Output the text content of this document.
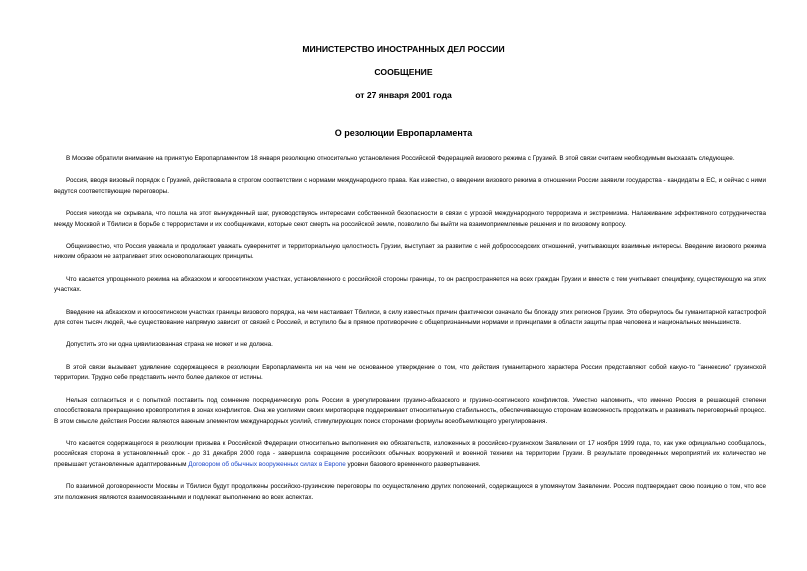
МИНИСТЕРСТВО ИНОСТРАННЫХ ДЕЛ РОССИИ
СООБЩЕНИЕ
от 27 января 2001 года
О резолюции Европарламента

В Москве обратили внимание на принятую Европарламентом 18 января резолюцию относительно установления Российской Федерацией визового режима с Грузией. В этой связи считаем необходимым высказать следующее.

Россия, вводя визовый порядок с Грузией, действовала в строгом соответствии с нормами международного права. Как известно, о введении визового режима в отношении России заявили государства - кандидаты в ЕС, и сейчас с ними ведутся соответствующие переговоры.

Россия никогда не скрывала, что пошла на этот вынужденный шаг, руководствуясь интересами собственной безопасности в связи с угрозой международного терроризма и экстремизма. Налаживание эффективного сотрудничества между Москвой и Тбилиси в борьбе с террористами и их сообщниками, которые сеют смерть на российской земле, позволило бы выйти на взаимоприемлемые решения и по визовому вопросу.

Общеизвестно, что Россия уважала и продолжает уважать суверенитет и территориальную целостность Грузии, выступает за развитие с ней добрососедских отношений, учитывающих взаимные интересы. Введение визового режима никоим образом не затрагивает этих основополагающих принципы.

Что касается упрощенного режима на абхазском и югоосетинском участках, установленного с российской стороны границы, то он распространяется на всех граждан Грузии и вместе с тем учитывает специфику, существующую на этих участках.

Введение на абхазском и югоосетинском участках границы визового порядка, на чем настаивает Тбилиси, в силу известных причин фактически означало бы блокаду этих регионов Грузии. Это обернулось бы гуманитарной катастрофой для сотен тысяч людей, чье существование напрямую зависит от связей с Россией, и вступило бы в прямое противоречие с общепризнанными нормами и принципами в области защиты прав человека и национальных меньшинств.

Допустить это ни одна цивилизованная страна не может и не должна.

В этой связи вызывает удивление содержащееся в резолюции Европарламента ни на чем не основанное утверждение о том, что действия гуманитарного характера России представляют собой какую-то "аннексию" грузинской территории. Трудно себе представить нечто более далекое от истины.

Нельзя согласиться и с попыткой поставить под сомнение посредническую роль России в урегулировании грузино-абхазского и грузино-осетинского конфликтов. Уместно напомнить, что именно Россия в решающей степени способствовала прекращению кровопролития в зонах конфликтов. Она же усилиями своих миротворцев поддерживает относительную стабильность, обеспечивающую сторонам возможность продолжать и развивать переговорный процесс. В этом смысле действия России являются важным элементом международных усилий, стимулирующих поиск сторонами формулы всеобъемлющего урегулирования.

Что касается содержащегося в резолюции призыва к Российской Федерации относительно выполнения ею обязательств, изложенных в российско-грузинском Заявлении от 17 ноября 1999 года, то, как уже официально сообщалось, российская сторона в установленный срок - до 31 декабря 2000 года - завершила сокращение российских обычных вооружений и военной техники на территории Грузии. В результате проведенных мероприятий их количество не превышает установленные адаптированным Договором об обычных вооруженных силах в Европе уровни базового временного развертывания.

По взаимной договоренности Москвы и Тбилиси будут продолжены российско-грузинские переговоры по осуществлению других положений, содержащихся в упомянутом Заявлении. Россия подтверждает свою позицию о том, что все эти положения являются взаимосвязанными и подлежат выполнению во всех аспектах.
